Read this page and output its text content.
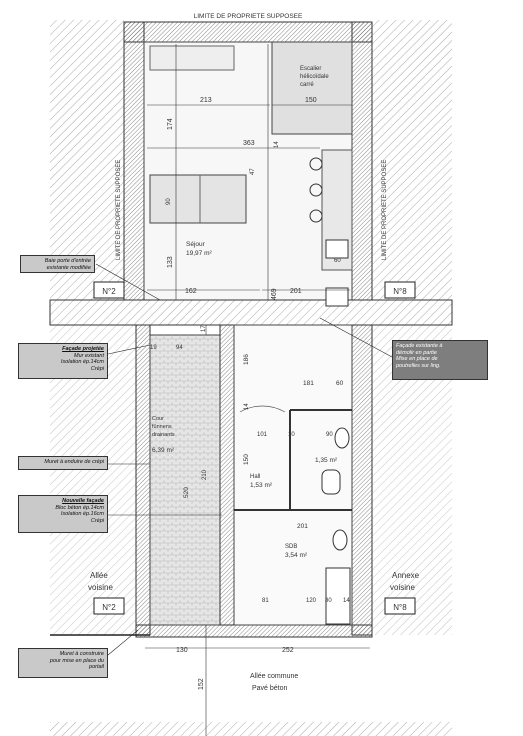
LIMITE DE PROPRIETE SUPPOSEE
LIMITE DE PROPRIETE SUPPOSEE	LIMITE DE PROPRIETE SUPPOSEE
N°2	N°8
Escalier
hélicoïdale
carré
Séjour
19,97 m²
213	150
363
174
90
47
14
133	60
162	201
469
17
Cour
fûnnens
drainants
6,39 m²
1,35 m²
Hall
1,53 m²
SDB
3,54 m²
19	94
186
181	60
101	10	90
14
150
520
210
201
81	120 80 14
130	252
152
Allée
voisine
N°2
Annexe
voisine
N°8
Allée commune
Pavé béton
Baie porte d'entrée
existante modifiée
Façade projetée
Mur existant
Isolation ép.14cm
Crépi
Muret à enduire de crépi
Nouvelle façade
Bloc béton ép.14cm
Isolation ép.16cm
Crépi
Muret à construire
pour mise en place du
portail
Façade existante à
démolir en partie
Mise en place de
poutrelles sur ling.
